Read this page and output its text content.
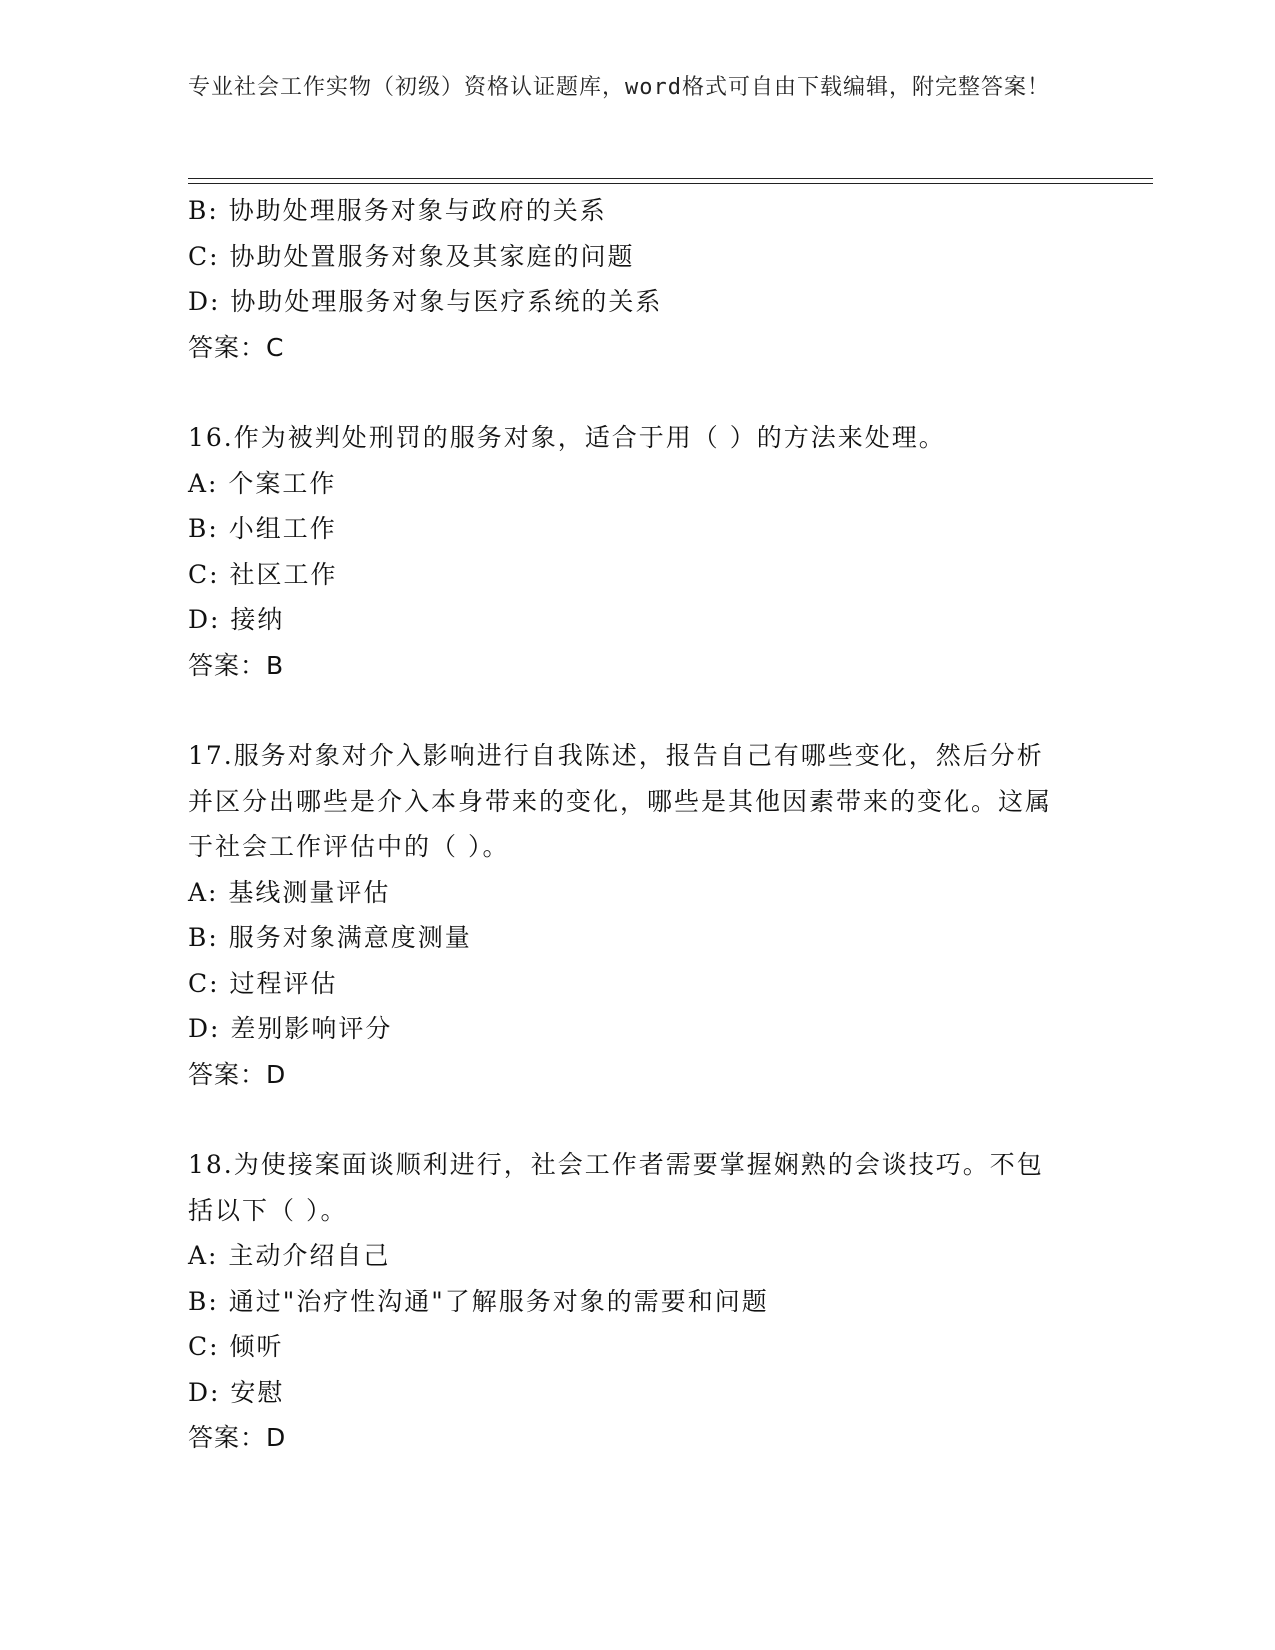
专业社会工作实物（初级）资格认证题库，word格式可自由下载编辑，附完整答案！
B: 协助处理服务对象与政府的关系
C: 协助处置服务对象及其家庭的问题
D: 协助处理服务对象与医疗系统的关系
答案：C
16.作为被判处刑罚的服务对象，适合于用（ ）的方法来处理。
A: 个案工作
B: 小组工作
C: 社区工作
D: 接纳
答案：B
17.服务对象对介入影响进行自我陈述，报告自己有哪些变化，然后分析并区分出哪些是介入本身带来的变化，哪些是其他因素带来的变化。这属于社会工作评估中的（ ）。
A: 基线测量评估
B: 服务对象满意度测量
C: 过程评估
D: 差别影响评分
答案：D
18.为使接案面谈顺利进行，社会工作者需要掌握娴熟的会谈技巧。不包括以下（ ）。
A: 主动介绍自己
B: 通过"治疗性沟通"了解服务对象的需要和问题
C: 倾听
D: 安慰
答案：D
